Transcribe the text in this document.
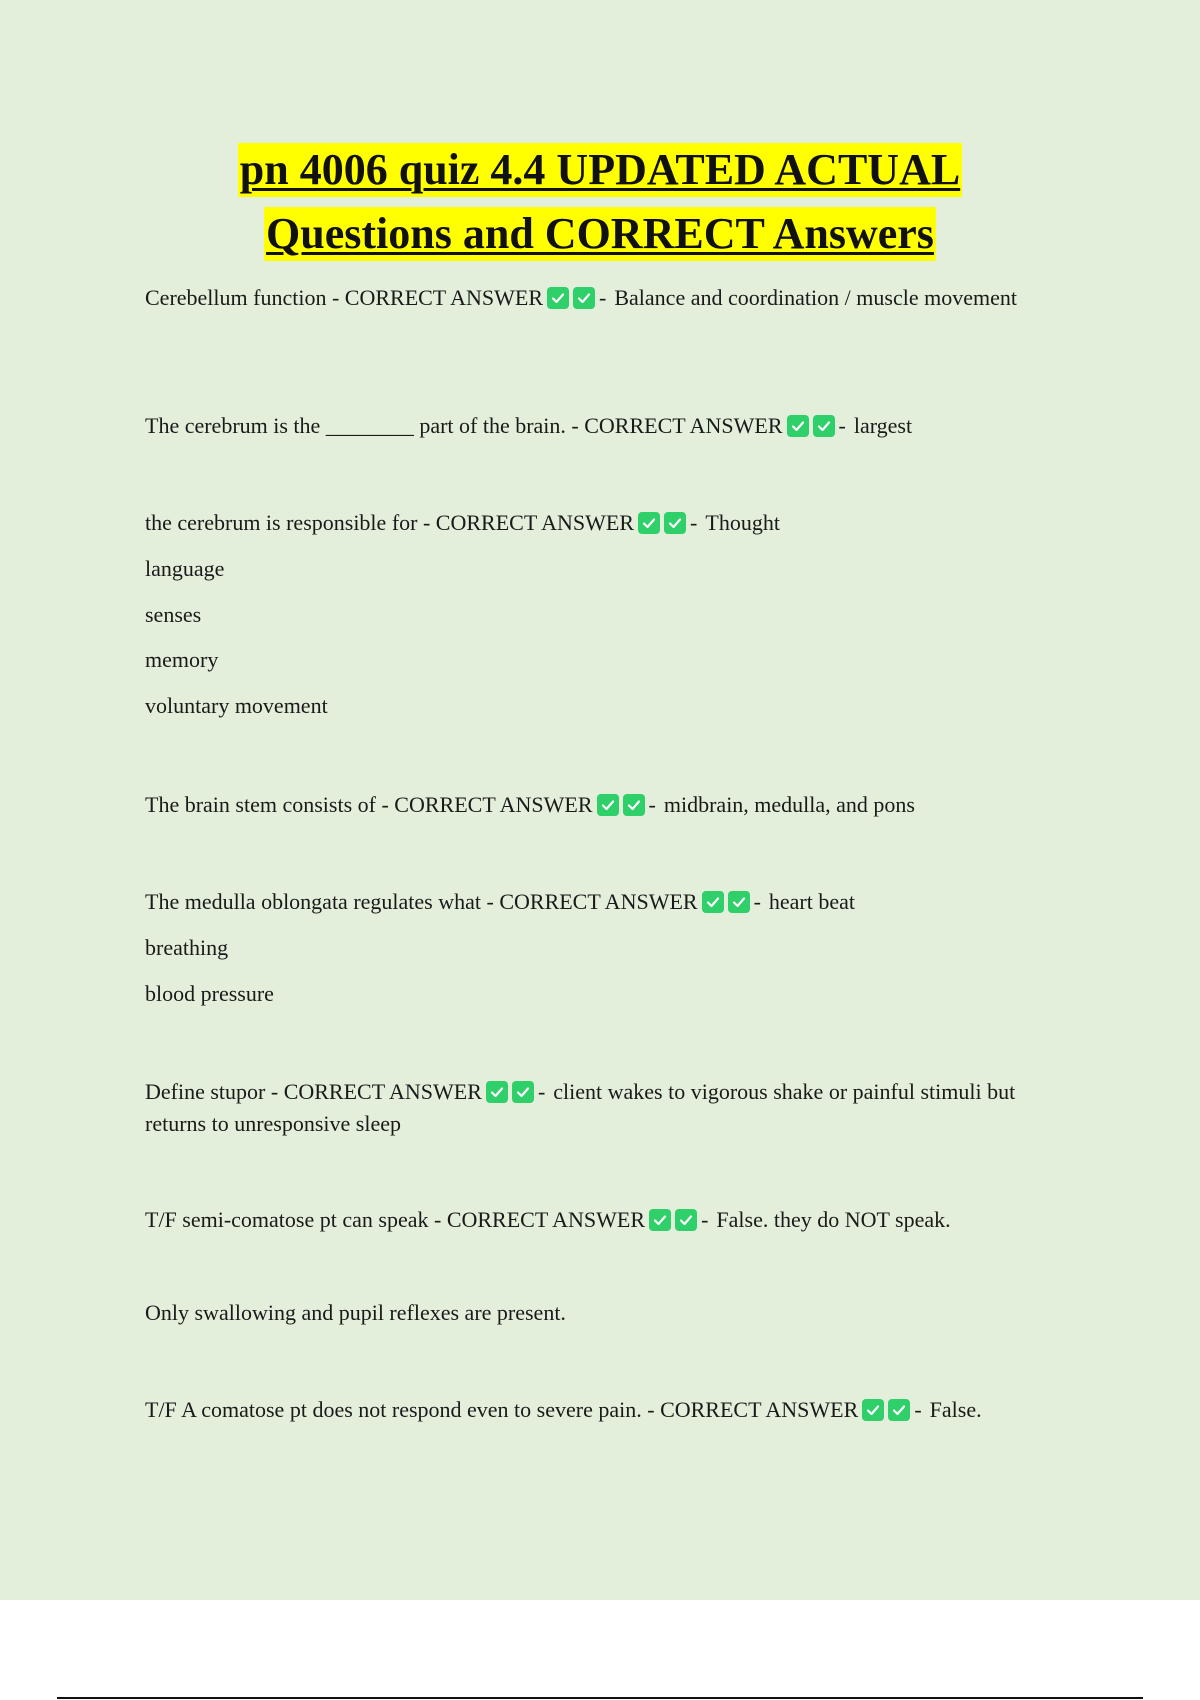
pn 4006 quiz 4.4 UPDATED ACTUAL
Questions and CORRECT Answers
Cerebellum function - CORRECT ANSWER	- Balance and coordination / muscle movement
The cerebrum is the ________ part of the brain. - CORRECT ANSWER	- largest
the cerebrum is responsible for - CORRECT ANSWER	- Thought
language
senses
memory
voluntary movement
The brain stem consists of - CORRECT ANSWER	- midbrain, medulla, and pons
The medulla oblongata regulates what - CORRECT ANSWER	- heart beat
breathing
blood pressure
Define stupor - CORRECT ANSWER	- client wakes to vigorous shake or painful stimuli but returns to unresponsive sleep
T/F semi-comatose pt can speak - CORRECT ANSWER	- False. they do NOT speak.
Only swallowing and pupil reflexes are present.
T/F A comatose pt does not respond even to severe pain. - CORRECT ANSWER	- False.
